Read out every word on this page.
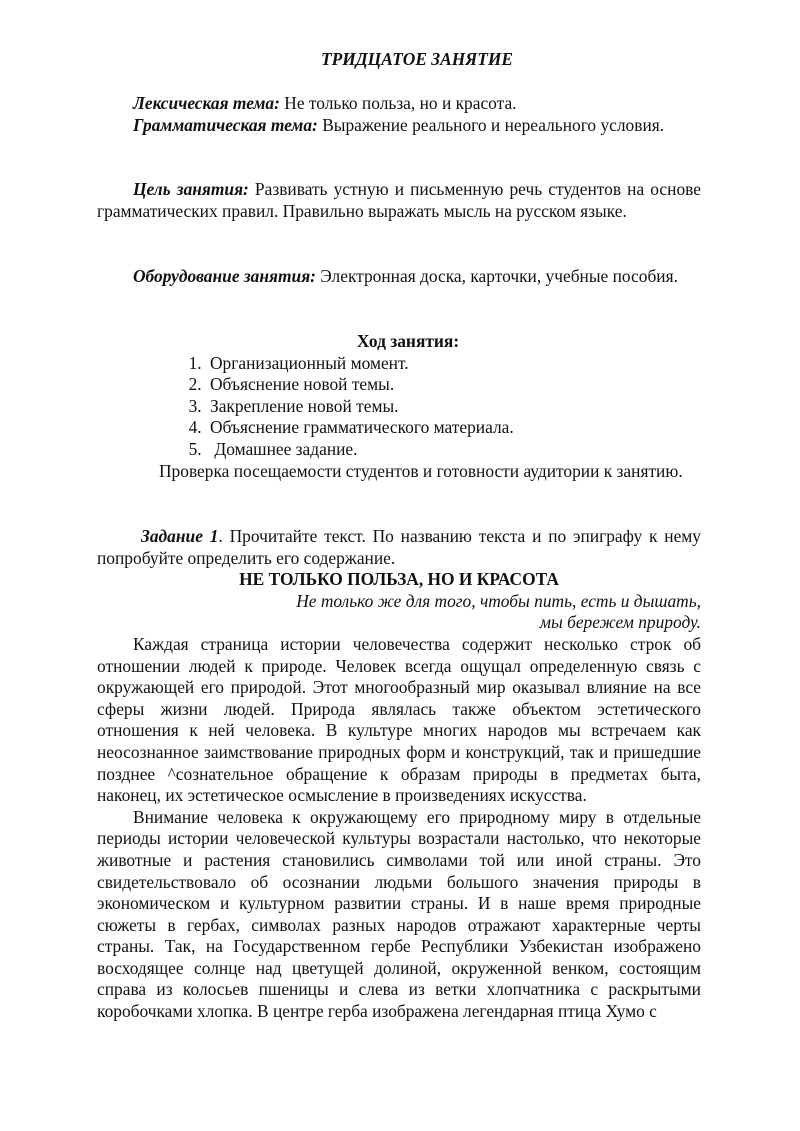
ТРИДЦАТОЕ ЗАНЯТИЕ

Лексическая тема: Не только польза, но и красота.

Грамматическая тема: Выражение реального и нереального условия.

Цель занятия: Развивать устную и письменную речь студентов на основе грамматических правил. Правильно выражать мысль на русском языке.

Оборудование занятия: Электронная доска, карточки, учебные пособия.

Ход занятия:

1. Организационный момент.
2. Объяснение новой темы.
3. Закрепление новой темы.
4. Объяснение грамматического материала.
5.  Домашнее задание.

Проверка посещаемости студентов и готовности аудитории к занятию.

Задание 1. Прочитайте текст. По названию текста и по эпиграфу к нему попробуйте определить его содержание.

НЕ ТОЛЬКО ПОЛЬЗА, НО И КРАСОТА

Не только же для того, чтобы пить, есть и дышать,

мы бережем природу.

Каждая страница истории человечества содержит несколько строк об отношении людей к природе. Человек всегда ощущал определенную связь с окружающей его природой. Этот многообразный мир оказывал влияние на все сферы жизни людей. Природа являлась также объектом эстетического отношения к ней человека. В культуре многих народов мы встречаем как неосознанное заимствование природных форм и конструкций, так и пришедшие позднее ^сознательное обращение к образам природы в предметах быта, наконец, их эстетическое осмысление в произведениях искусства.

Внимание человека к окружающему его природному миру в отдельные периоды истории человеческой культуры возрастали настолько, что некоторые животные и растения становились символами той или иной страны. Это свидетельствовало об осознании людьми большого значения природы в экономическом и культурном развитии страны. И в наше время природные сюжеты в гербах, символах разных народов отражают характерные черты страны. Так, на Государственном гербе Республики Узбекистан изображено восходящее солнце над цветущей долиной, окруженной венком, состоящим справа из колосьев пшеницы и слева из ветки хлопчатника с раскрытыми коробочками хлопка. В центре герба изображена легендарная птица Хумо с
